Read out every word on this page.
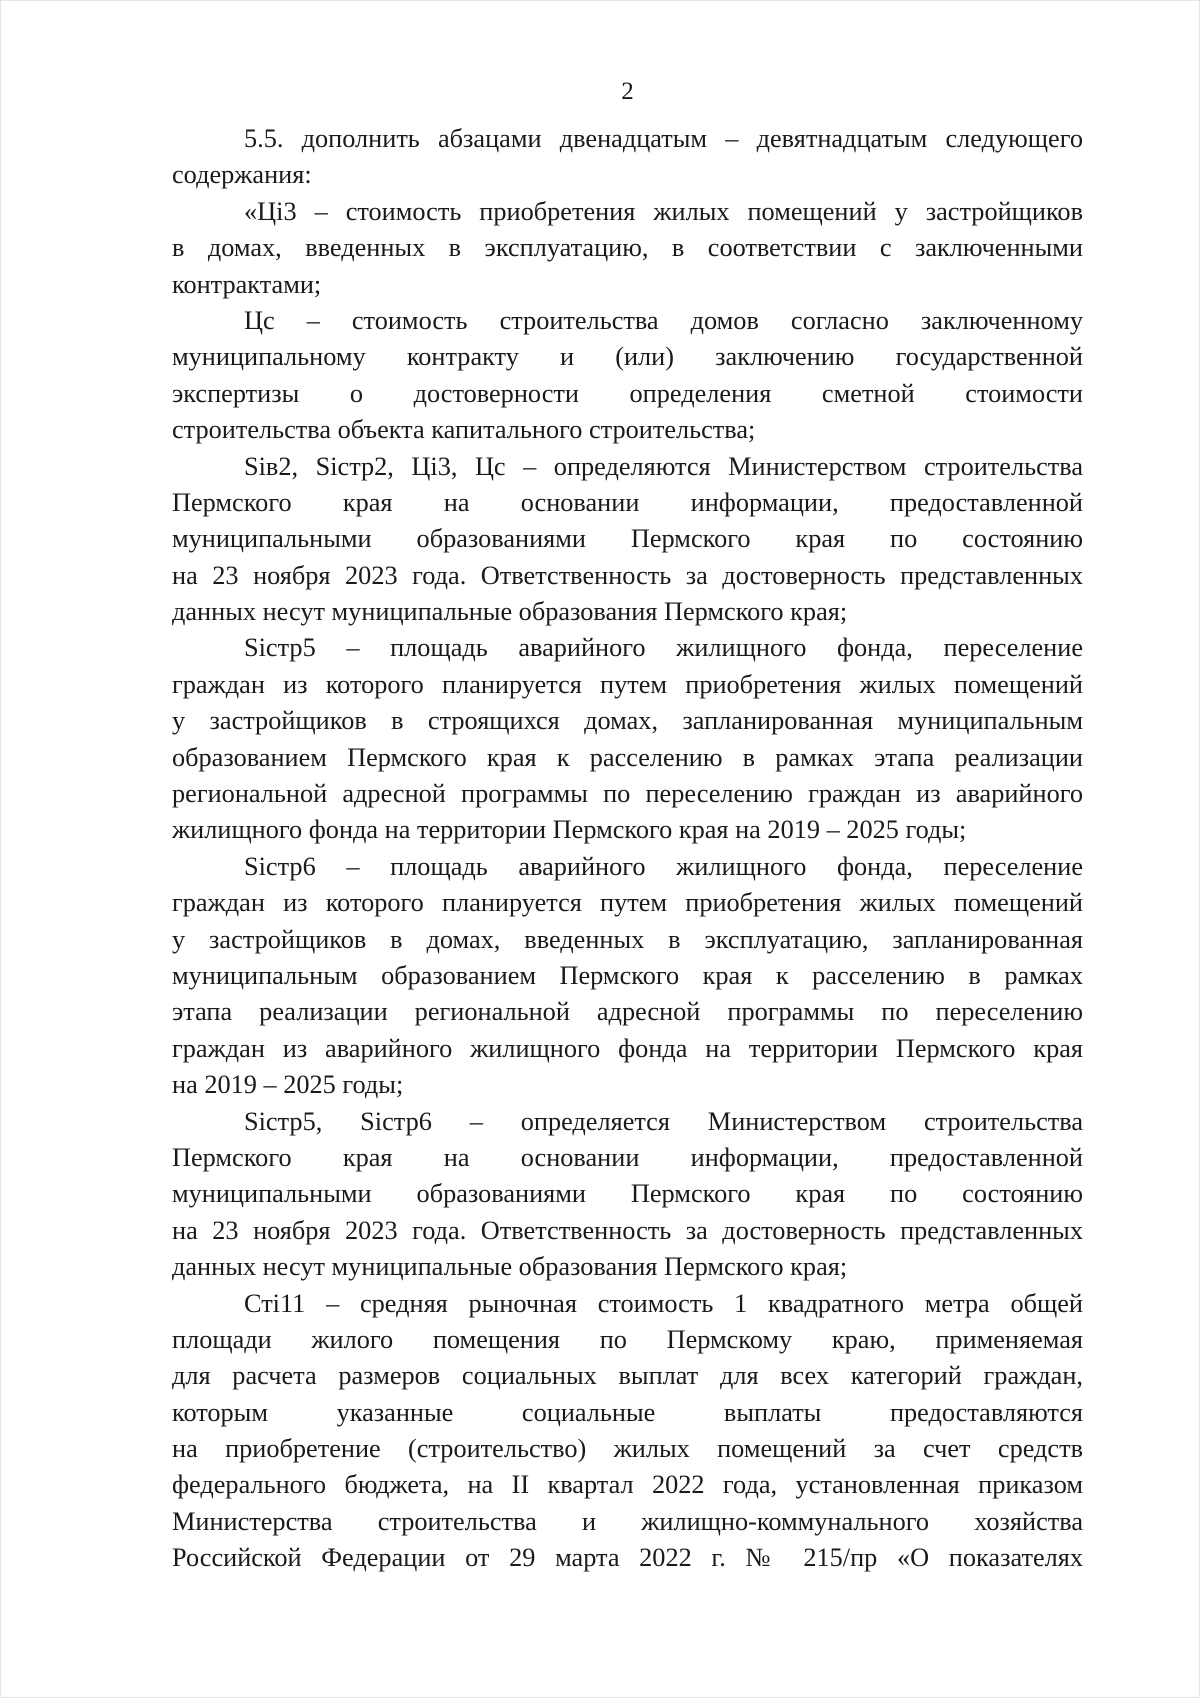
2
5.5. дополнить абзацами двенадцатым – девятнадцатым следующего
содержания:
«Цi3 – стоимость приобретения жилых помещений у застройщиков
в домах, введенных в эксплуатацию, в соответствии с заключенными
контрактами;
Цс – стоимость строительства домов согласно заключенному
муниципальному контракту и (или) заключению государственной
экспертизы о достоверности определения сметной стоимости
строительства объекта капитального строительства;
Siв2, Siстр2, Цi3, Цс – определяются Министерством строительства
Пермского края на основании информации, предоставленной
муниципальными образованиями Пермского края по состоянию
на 23 ноября 2023 года. Ответственность за достоверность представленных
данных несут муниципальные образования Пермского края;
Siстр5 – площадь аварийного жилищного фонда, переселение
граждан из которого планируется путем приобретения жилых помещений
у застройщиков в строящихся домах, запланированная муниципальным
образованием Пермского края к расселению в рамках этапа реализации
региональной адресной программы по переселению граждан из аварийного
жилищного фонда на территории Пермского края на 2019 – 2025 годы;
Siстр6 – площадь аварийного жилищного фонда, переселение
граждан из которого планируется путем приобретения жилых помещений
у застройщиков в домах, введенных в эксплуатацию, запланированная
муниципальным образованием Пермского края к расселению в рамках
этапа реализации региональной адресной программы по переселению
граждан из аварийного жилищного фонда на территории Пермского края
на 2019 – 2025 годы;
Siстр5, Siстр6 – определяется Министерством строительства
Пермского края на основании информации, предоставленной
муниципальными образованиями Пермского края по состоянию
на 23 ноября 2023 года. Ответственность за достоверность представленных
данных несут муниципальные образования Пермского края;
Стi11 – средняя рыночная стоимость 1 квадратного метра общей
площади жилого помещения по Пермскому краю, применяемая
для расчета размеров социальных выплат для всех категорий граждан,
которым указанные социальные выплаты предоставляются
на приобретение (строительство) жилых помещений за счет средств
федерального бюджета, на II квартал 2022 года, установленная приказом
Министерства строительства и жилищно-коммунального хозяйства
Российской Федерации от 29 марта 2022 г. № 215/пр «О показателях
